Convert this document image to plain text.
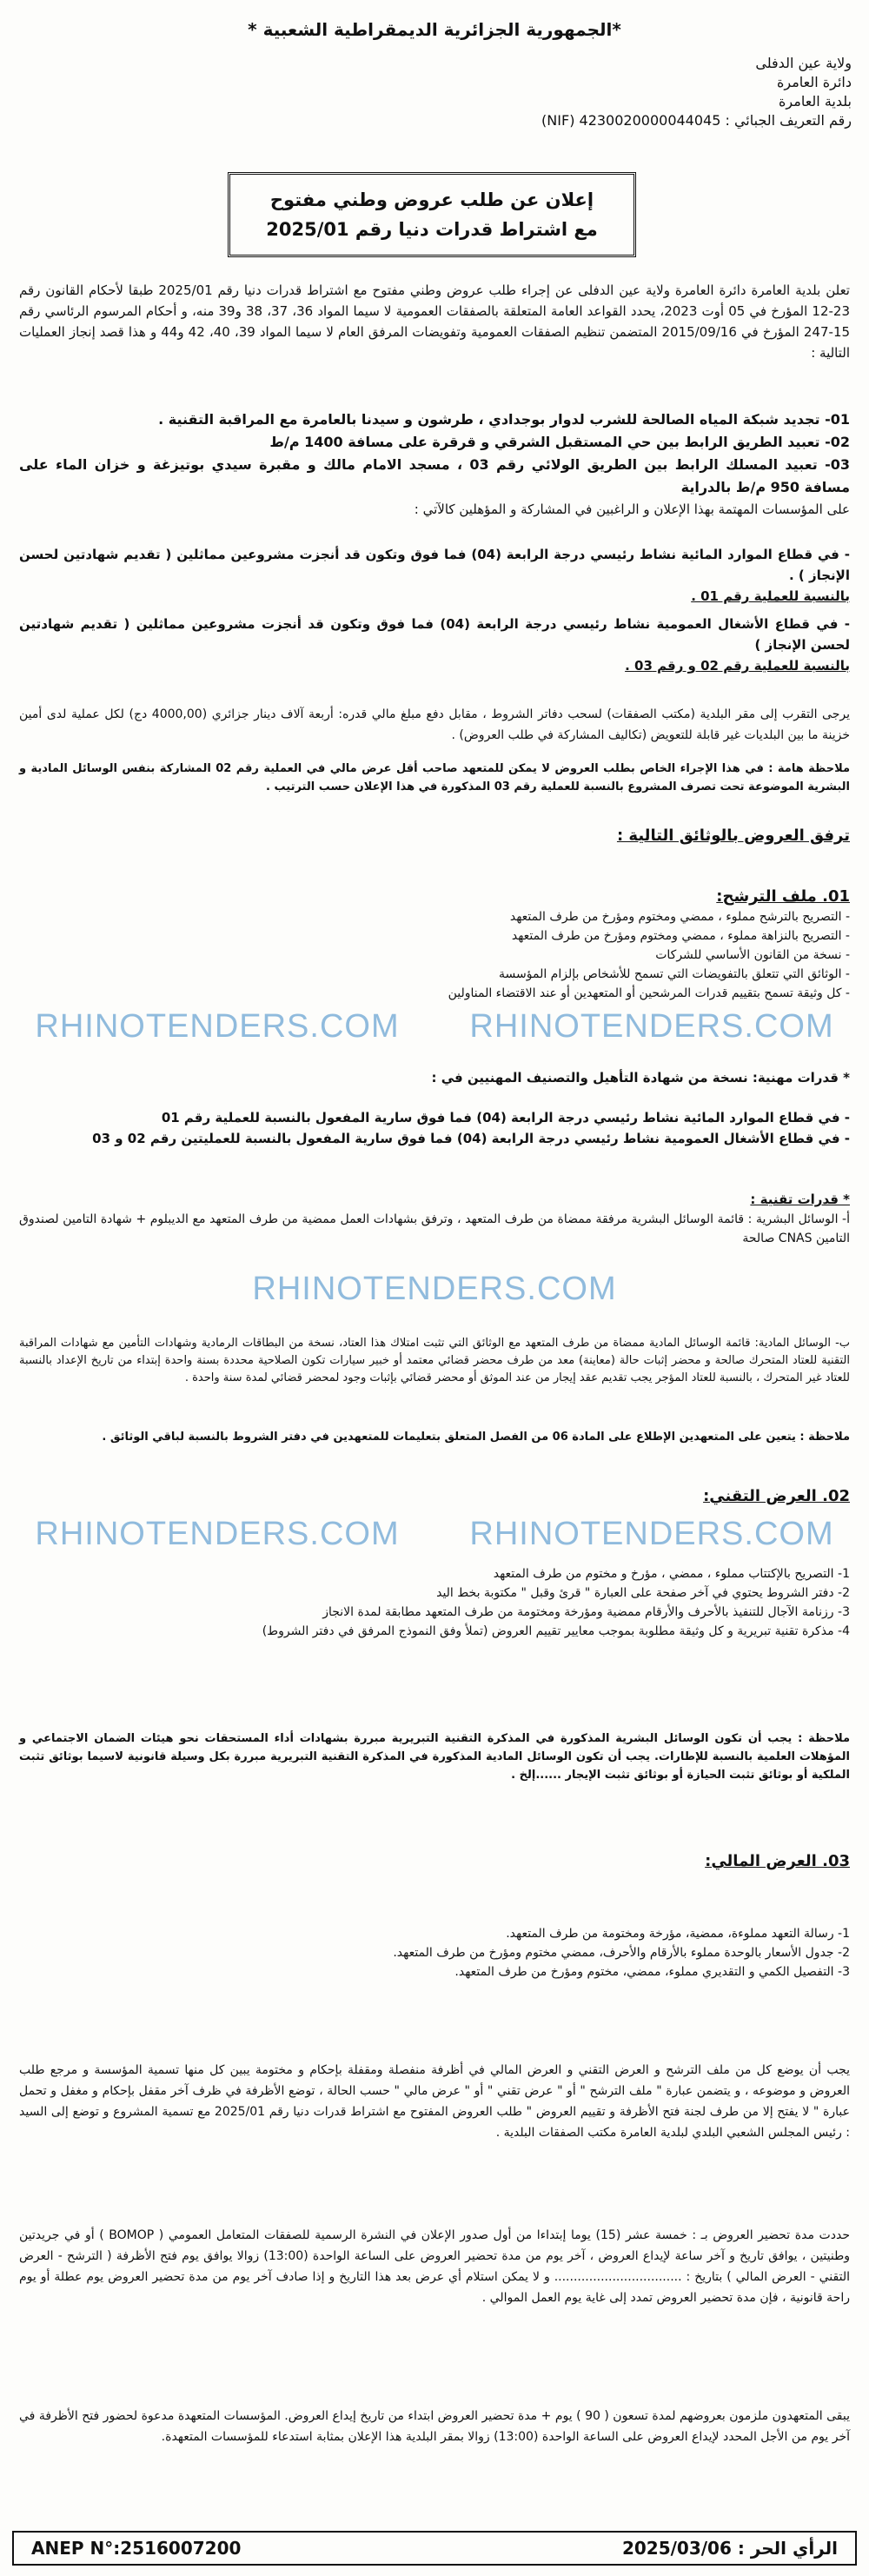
*الجمهورية الجزائرية الديمقراطية الشعبية *
ولاية عين الدفلى
دائرة العامرة
بلدية العامرة
رقم التعريف الجبائي : 4230020000044045 (NIF)
إعلان عن طلب عروض وطني مفتوح
مع اشتراط قدرات دنيا رقم 2025/01
تعلن بلدية العامرة دائرة العامرة ولاية عين الدفلى عن إجراء طلب عروض وطني مفتوح مع اشتراط قدرات دنيا رقم 2025/01 طبقا لأحكام القانون رقم 23-12 المؤرخ في 05 أوت 2023، يحدد القواعد العامة المتعلقة بالصفقات العمومية لا سيما المواد 36، 37، 38 و39 منه، و أحكام المرسوم الرئاسي رقم 15-247 المؤرخ في 2015/09/16 المتضمن تنظيم الصفقات العمومية وتفويضات المرفق العام لا سيما المواد 39، 40، 42 و44 و هذا قصد إنجاز العمليات التالية :
01- تجديد شبكة المياه الصالحة للشرب لدوار بوجدادي ، طرشون و سيدنا بالعامرة مع المراقبة التقنية .
02- تعبيد الطريق الرابط بين حي المستقبل الشرقي و قرقرة على مسافة 1400 م/ط
03- تعبيد المسلك الرابط بين الطريق الولائي رقم 03 ، مسجد الامام مالك و مقبرة سيدي بوتيزغة و خزان الماء على مسافة 950 م/ط بالدراية
على المؤسسات المهتمة بهذا الإعلان و الراغبين في المشاركة و المؤهلين كالآتي :
- في قطاع الموارد المائية نشاط رئيسي درجة الرابعة (04) فما فوق وتكون قد أنجزت مشروعين مماثلين ( تقديم شهادتين لحسن الإنجاز ) .
بالنسبة للعملية رقم 01 .
- في قطاع الأشغال العمومية نشاط رئيسي درجة الرابعة (04) فما فوق وتكون قد أنجزت مشروعين مماثلين ( تقديم شهادتين لحسن الإنجاز )
بالنسبة للعملية رقم 02 و رقم 03 .
يرجى التقرب إلى مقر البلدية (مكتب الصفقات) لسحب دفاتر الشروط ، مقابل دفع مبلغ مالي قدره: أربعة آلاف دينار جزائري (4000,00 دج) لكل عملية لدى أمين خزينة ما بين البلديات غير قابلة للتعويض (تكاليف المشاركة في طلب العروض) .
ملاحظة هامة : في هذا الإجراء الخاص بطلب العروض لا يمكن للمتعهد صاحب أقل عرض مالي في العملية رقم 02 المشاركة بنفس الوسائل المادية و البشرية الموضوعة تحت تصرف المشروع بالنسبة للعملية رقم 03 المذكورة في هذا الإعلان حسب الترتيب .
ترفق العروض بالوثائق التالية :
01. ملف الترشح:
- التصريح بالترشح مملوء ، ممضي ومختوم ومؤرخ من طرف المتعهد
- التصريح بالنزاهة مملوء ، ممضي ومختوم ومؤرخ من طرف المتعهد
- نسخة من القانون الأساسي للشركات
- الوثائق التي تتعلق بالتفويضات التي تسمح للأشخاص بإلزام المؤسسة
- كل وثيقة تسمح بتقييم قدرات المرشحين أو المتعهدين أو عند الاقتضاء المناولين
RHINOTENDERS.COM RHINOTENDERS.COM
* قدرات مهنية: نسخة من شهادة التأهيل والتصنيف المهنيين في :
- في قطاع الموارد المائية نشاط رئيسي درجة الرابعة (04) فما فوق سارية المفعول بالنسبة للعملية رقم 01
- في قطاع الأشغال العمومية نشاط رئيسي درجة الرابعة (04) فما فوق سارية المفعول بالنسبة للعمليتين رقم 02 و 03
* قدرات تقنية :
أ- الوسائل البشرية : قائمة الوسائل البشرية مرفقة ممضاة من طرف المتعهد ، وترفق بشهادات العمل ممضية من طرف المتعهد مع الديبلوم + شهادة التامين لصندوق التامين CNAS صالحة
RHINOTENDERS.COM
ب- الوسائل المادية: قائمة الوسائل المادية ممضاة من طرف المتعهد مع الوثائق التي تثبت امتلاك هذا العتاد، نسخة من البطاقات الرمادية وشهادات التأمين مع شهادات المراقبة التقنية للعتاد المتحرك صالحة و محضر إثبات حالة (معاينة) معد من طرف محضر قضائي معتمد أو خبير سيارات تكون الصلاحية محددة بسنة واحدة إبتداء من تاريخ الإعداد بالنسبة للعتاد غير المتحرك ، بالنسبة للعتاد المؤجر يجب تقديم عقد إيجار من عند الموثق أو محضر قضائي بإثبات وجود لمحضر قضائي لمدة سنة واحدة .
ملاحظة : يتعين على المتعهدين الإطلاع على المادة 06 من الفصل المتعلق بتعليمات للمتعهدين في دفتر الشروط بالنسبة لباقي الوثائق .
02. العرض التقني:
RHINOTENDERS.COM RHINOTENDERS.COM
1- التصريح بالإكتتاب مملوء ، ممضي ، مؤرخ و مختوم من طرف المتعهد
2- دفتر الشروط يحتوي في آخر صفحة على العبارة " قرئ وقبل " مكتوبة بخط اليد
3- رزنامة الآجال للتنفيذ بالأحرف والأرقام ممضية ومؤرخة ومختومة من طرف المتعهد مطابقة لمدة الانجاز
4- مذكرة تقنية تبريرية و كل وثيقة مطلوبة بموجب معايير تقييم العروض (تملأ وفق النموذج المرفق في دفتر الشروط)
ملاحظة : يجب أن تكون الوسائل البشرية المذكورة في المذكرة التقنية التبريرية مبررة بشهادات أداء المستحقات نحو هيئات الضمان الاجتماعي و المؤهلات العلمية بالنسبة للإطارات. يجب أن تكون الوسائل المادية المذكورة في المذكرة التقنية التبريرية مبررة بكل وسيلة قانونية لاسيما بوثائق تثبت الملكية أو بوثائق تثبت الحيازة أو بوثائق تثبت الإيجار ......إلخ .
03. العرض المالي:
1- رسالة التعهد مملوءة، ممضية، مؤرخة ومختومة من طرف المتعهد.
2- جدول الأسعار بالوحدة مملوء بالأرقام والأحرف، ممضي مختوم ومؤرخ من طرف المتعهد.
3- التفصيل الكمي و التقديري مملوء، ممضي، مختوم ومؤرخ من طرف المتعهد.
يجب أن يوضع كل من ملف الترشح و العرض التقني و العرض المالي في أظرفة منفصلة ومقفلة بإحكام و مختومة يبين كل منها تسمية المؤسسة و مرجع طلب العروض و موضوعه ، و يتضمن عبارة " ملف الترشح " أو " عرض تقني " أو " عرض مالي " حسب الحالة ، توضع الأظرفة في ظرف آخر مقفل بإحكام و مغفل و تحمل عبارة " لا يفتح إلا من طرف لجنة فتح الأظرفة و تقييم العروض " طلب العروض المفتوح مع اشتراط قدرات دنيا رقم 2025/01 مع تسمية المشروع و توضع إلى السيد : رئيس المجلس الشعبي البلدي لبلدية العامرة مكتب الصفقات البلدية .
حددت مدة تحضير العروض بـ : خمسة عشر (15) يوما إبتداءا من أول صدور الإعلان في النشرة الرسمية للصفقات المتعامل العمومي ( BOMOP ) أو في جريدتين وطنيتين ، يوافق تاريخ و آخر ساعة لإيداع العروض ، آخر يوم من مدة تحضير العروض على الساعة الواحدة (13:00) زوالا يوافق يوم فتح الأظرفة ( الترشح - العرض التقني - العرض المالي ) بتاريخ : ................................. و لا يمكن استلام أي عرض بعد هذا التاريخ و إذا صادف آخر يوم من مدة تحضير العروض يوم عطلة أو يوم راحة قانونية ، فإن مدة تحضير العروض تمدد إلى غاية يوم العمل الموالي .
يبقى المتعهدون ملزمون بعروضهم لمدة تسعون ( 90 ) يوم + مدة تحضير العروض ابتداء من تاريخ إيداع العروض. المؤسسات المتعهدة مدعوة لحضور فتح الأظرفة في آخر يوم من الأجل المحدد لإيداع العروض على الساعة الواحدة (13:00) زوالا بمقر البلدية هذا الإعلان بمثابة استدعاء للمؤسسات المتعهدة.
ANEP N°:2516007200	الرأي الحر : 2025/03/06
